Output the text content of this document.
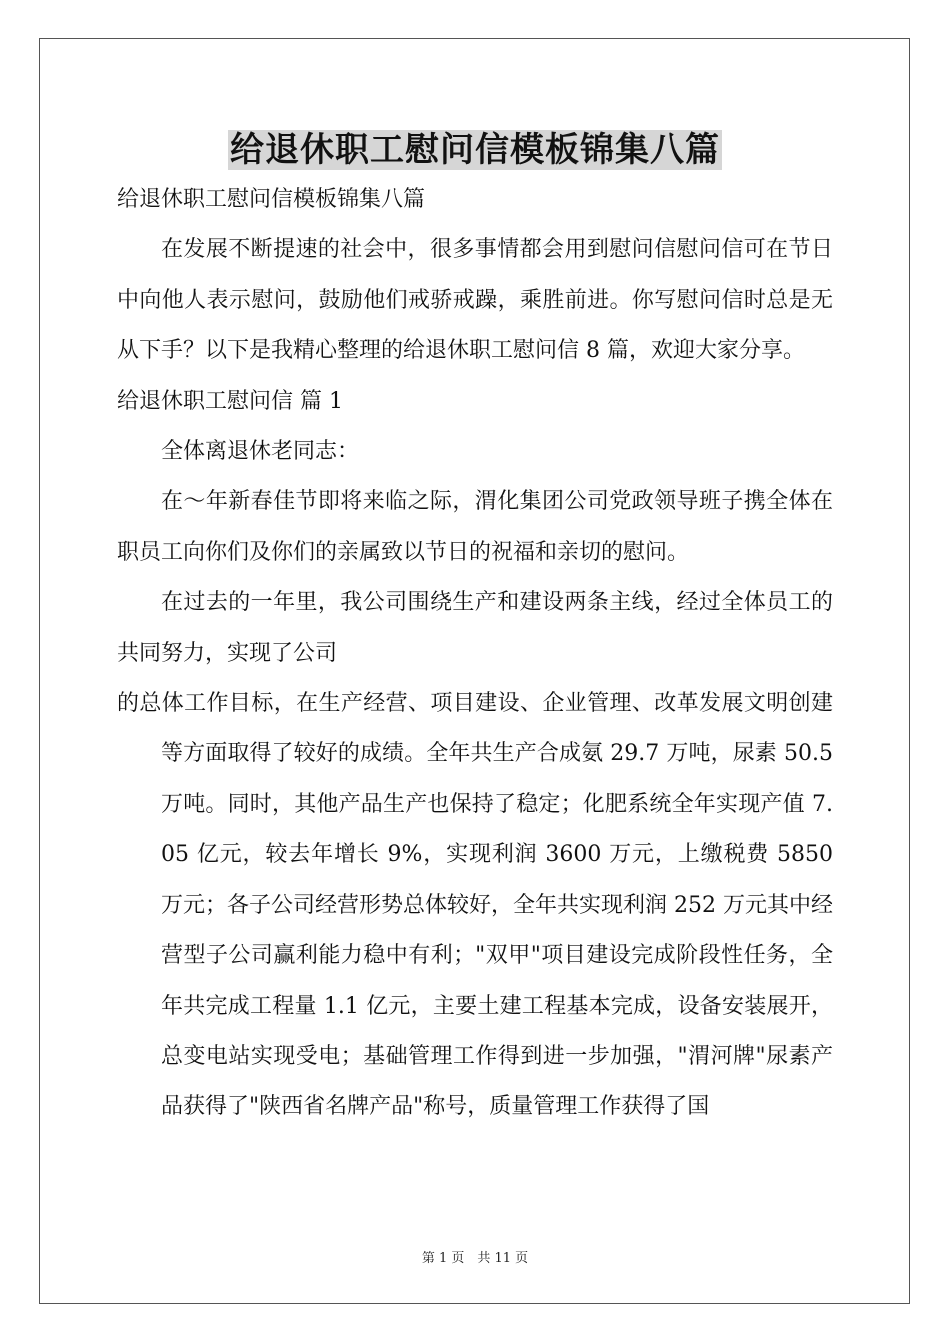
给退休职工慰问信模板锦集八篇

给退休职工慰问信模板锦集八篇

在发展不断提速的社会中，很多事情都会用到慰问信慰问信可在节日中向他人表示慰问，鼓励他们戒骄戒躁，乘胜前进。你写慰问信时总是无从下手？以下是我精心整理的给退休职工慰问信 8 篇，欢迎大家分享。

给退休职工慰问信 篇 1

全体离退休老同志：

在～年新春佳节即将来临之际，渭化集团公司党政领导班子携全体在职员工向你们及你们的亲属致以节日的祝福和亲切的慰问。

在过去的一年里，我公司围绕生产和建设两条主线，经过全体员工的共同努力，实现了公司

的总体工作目标，在生产经营、项目建设、企业管理、改革发展文明创建等方面取得了较好的成绩。全年共生产合成氨 29.7 万吨，尿素 50.5 万吨。同时，其他产品生产也保持了稳定；化肥系统全年实现产值 7.05 亿元，较去年增长 9%，实现利润 3600 万元，上缴税费 5850 万元；各子公司经营形势总体较好，全年共实现利润 252 万元其中经营型子公司赢利能力稳中有利；"双甲"项目建设完成阶段性任务，全年共完成工程量 1.1 亿元，主要土建工程基本完成，设备安装展开，总变电站实现受电；基础管理工作得到进一步加强，"渭河牌"尿素产品获得了"陕西省名牌产品"称号，质量管理工作获得了国

第 1 页　共 11 页
